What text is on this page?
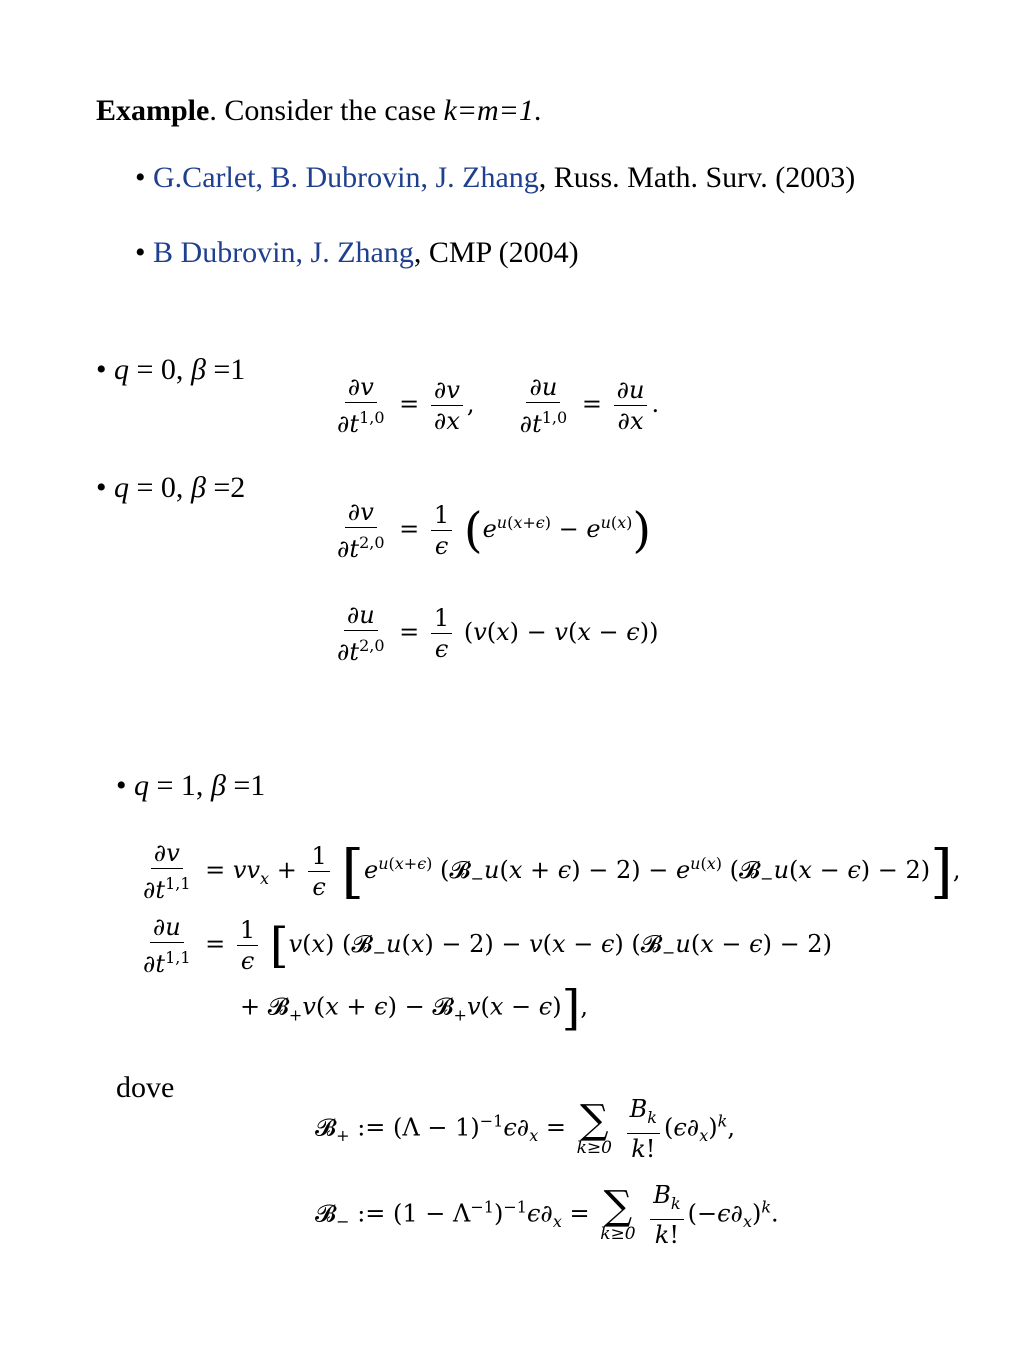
Example. Consider the case k=m=1.
• G.Carlet, B. Dubrovin, J. Zhang, Russ. Math. Surv. (2003)
• B Dubrovin, J. Zhang, CMP (2004)
• q = 0, β =1
$\frac{\partial v}{\partial t^{1,0}} = \frac{\partial v}{\partial x}$ , $\frac{\partial u}{\partial t^{1,0}} = \frac{\partial u}{\partial x}$ .
• q = 0, β =2
$\frac{\partial v}{\partial t^{2,0}} = \frac{1}{\epsilon} (e^{u(x+\epsilon)} - e^{u(x)})$
$\frac{\partial u}{\partial t^{2,0}} = \frac{1}{\epsilon} (v(x) - v(x - \epsilon))$
• q = 1, β =1
$\frac{\partial v}{\partial t^{1,1}} = vv_x + \frac{1}{\epsilon} [e^{u(x+\epsilon)}$ (𝓑$_-$u(x + $\epsilon) - 2) - e^{u(x)}$ (𝓑$_-$u(x − ϵ) − 2)],
$\frac{\partial u}{\partial t^{1,1}} = \frac{1}{\epsilon} [v(x)$ (𝓑$_-$u(x) − 2) − v(x − ϵ) (𝓑$_-$u(x − ϵ) − 2)
+ 𝓑$_+$v(x + ϵ) − 𝓑$_+$v(x − ϵ)],
dove
𝓑$_+$ := $(\Lambda - 1)^{-1}\epsilon\partial_x$ = ∑
k≥0
$\frac{B_k}{k!} (\epsilon\partial_x)^k$,
𝓑$_-$ := $(1 - \Lambda^{-1})^{-1}\epsilon\partial_x$ = ∑
k≥0
$\frac{B_k}{k!} (-\epsilon\partial_x)^k$.
